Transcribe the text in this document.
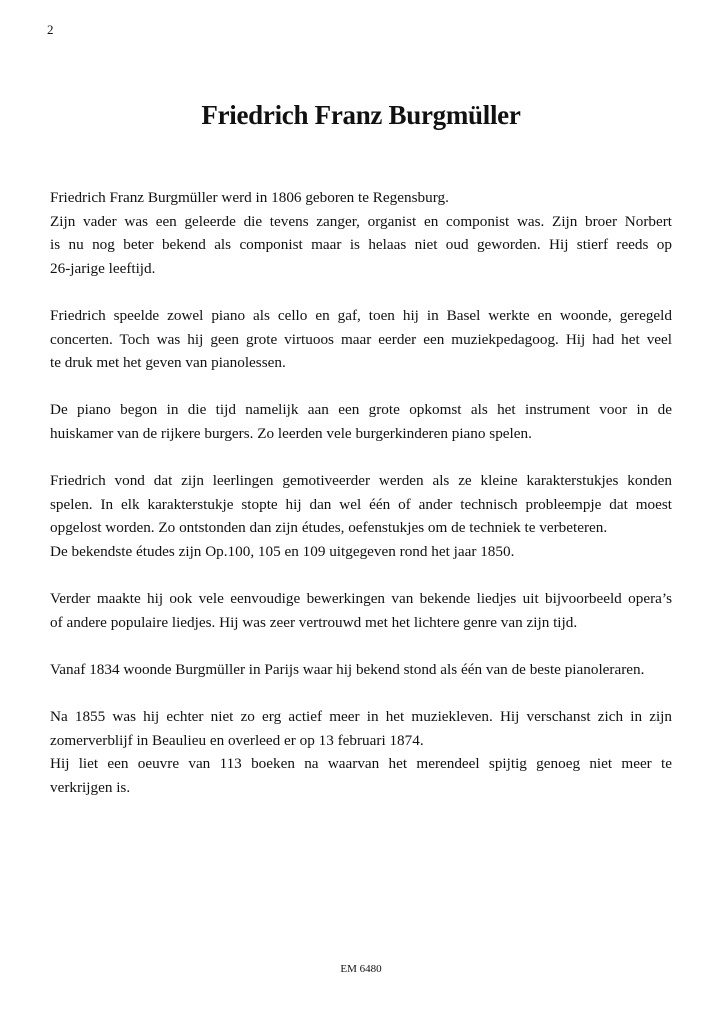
2
Friedrich Franz Burgmüller

Friedrich Franz Burgmüller werd in 1806 geboren te Regensburg.
Zijn vader was een geleerde die tevens zanger, organist en componist was. Zijn broer Norbert
is nu nog beter bekend als componist maar is helaas niet oud geworden. Hij stierf reeds op
26-jarige leeftijd.

Friedrich speelde zowel piano als cello en gaf, toen hij in Basel werkte en woonde, geregeld
concerten. Toch was hij geen grote virtuoos maar eerder een muziekpedagoog. Hij had het veel
te druk met het geven van pianolessen.

De piano begon in die tijd namelijk aan een grote opkomst als het instrument voor in de
huiskamer van de rijkere burgers. Zo leerden vele burgerkinderen piano spelen.

Friedrich vond dat zijn leerlingen gemotiveerder werden als ze kleine karakterstukjes konden
spelen. In elk karakterstukje stopte hij dan wel één of ander technisch probleempje dat moest
opgelost worden. Zo ontstonden dan zijn études, oefenstukjes om de techniek te verbeteren.
De bekendste études zijn Op.100, 105 en 109 uitgegeven rond het jaar 1850.

Verder maakte hij ook vele eenvoudige bewerkingen van bekende liedjes uit bijvoorbeeld opera’s
of andere populaire liedjes. Hij was zeer vertrouwd met het lichtere genre van zijn tijd.

Vanaf 1834 woonde Burgmüller in Parijs waar hij bekend stond als één van de beste pianoleraren.

Na 1855 was hij echter niet zo erg actief meer in het muziekleven. Hij verschanst zich in zijn
zomerverblijf in Beaulieu en overleed er op 13 februari 1874.
Hij liet een oeuvre van 113 boeken na waarvan het merendeel spijtig genoeg niet meer te
verkrijgen is.

EM 6480
